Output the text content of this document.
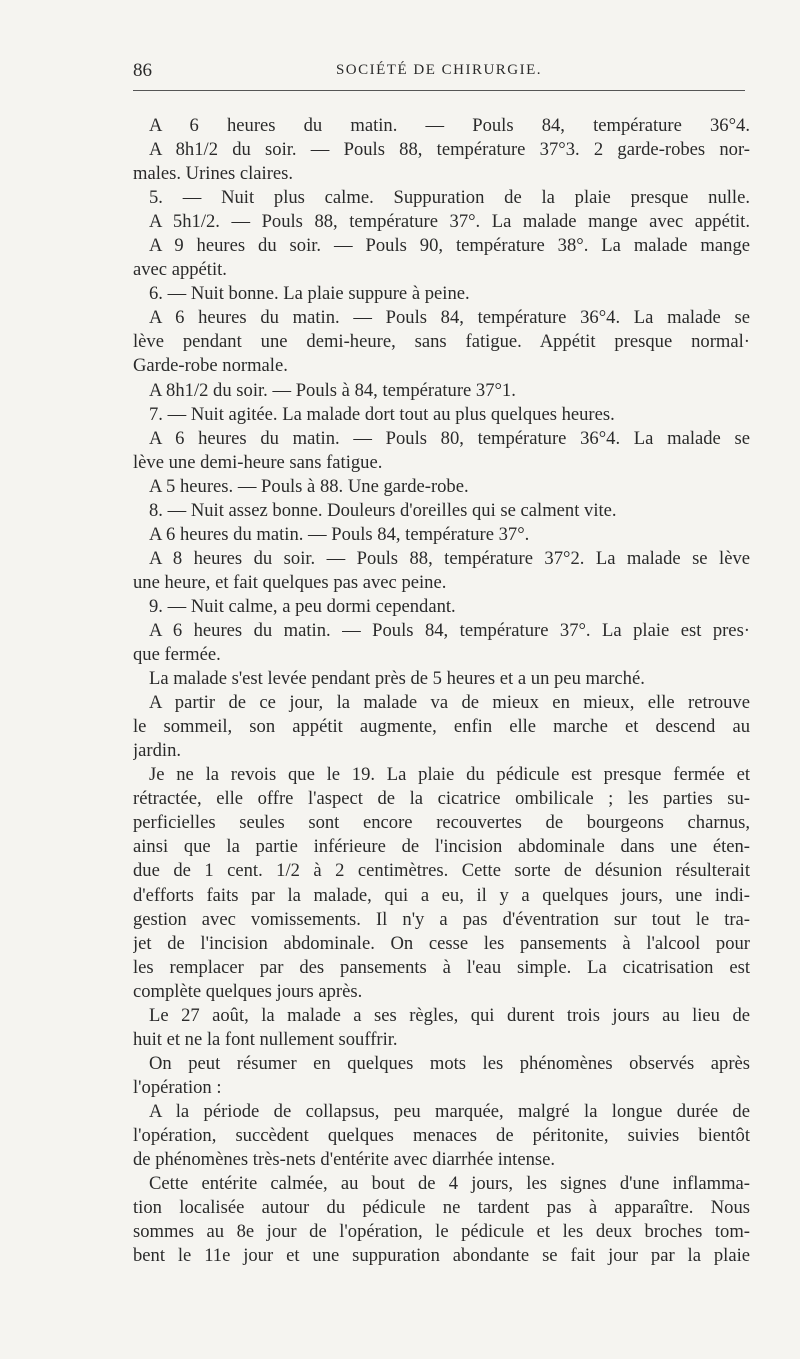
86	SOCIÉTÉ DE CHIRURGIE.
A 6 heures du matin. — Pouls 84, température 36°4.
A 8h1/2 du soir. — Pouls 88, température 37°3. 2 garde-robes nor-
males. Urines claires.
5. — Nuit plus calme. Suppuration de la plaie presque nulle.
A 5h1/2. — Pouls 88, température 37°. La malade mange avec appétit.
A 9 heures du soir. — Pouls 90, température 38°. La malade mange
avec appétit.
6. — Nuit bonne. La plaie suppure à peine.
A 6 heures du matin. — Pouls 84, température 36°4. La malade se
lève pendant une demi-heure, sans fatigue. Appétit presque normal·
Garde-robe normale.
A 8h1/2 du soir. — Pouls à 84, température 37°1.
7. — Nuit agitée. La malade dort tout au plus quelques heures.
A 6 heures du matin. — Pouls 80, température 36°4. La malade se
lève une demi-heure sans fatigue.
A 5 heures. — Pouls à 88. Une garde-robe.
8. — Nuit assez bonne. Douleurs d'oreilles qui se calment vite.
A 6 heures du matin. — Pouls 84, température 37°.
A 8 heures du soir. — Pouls 88, température 37°2. La malade se lève
une heure, et fait quelques pas avec peine.
9. — Nuit calme, a peu dormi cependant.
A 6 heures du matin. — Pouls 84, température 37°. La plaie est pres·
que fermée.
La malade s'est levée pendant près de 5 heures et a un peu marché.
A partir de ce jour, la malade va de mieux en mieux, elle retrouve
le sommeil, son appétit augmente, enfin elle marche et descend au
jardin.
Je ne la revois que le 19. La plaie du pédicule est presque fermée et
rétractée, elle offre l'aspect de la cicatrice ombilicale ; les parties su-
perficielles seules sont encore recouvertes de bourgeons charnus,
ainsi que la partie inférieure de l'incision abdominale dans une éten-
due de 1 cent. 1/2 à 2 centimètres. Cette sorte de désunion résulterait
d'efforts faits par la malade, qui a eu, il y a quelques jours, une indi-
gestion avec vomissements. Il n'y a pas d'éventration sur tout le tra-
jet de l'incision abdominale. On cesse les pansements à l'alcool pour
les remplacer par des pansements à l'eau simple. La cicatrisation est
complète quelques jours après.
Le 27 août, la malade a ses règles, qui durent trois jours au lieu de
huit et ne la font nullement souffrir.
On peut résumer en quelques mots les phénomènes observés après
l'opération :
A la période de collapsus, peu marquée, malgré la longue durée de
l'opération, succèdent quelques menaces de péritonite, suivies bientôt
de phénomènes très-nets d'entérite avec diarrhée intense.
Cette entérite calmée, au bout de 4 jours, les signes d'une inflamma-
tion localisée autour du pédicule ne tardent pas à apparaître. Nous
sommes au 8e jour de l'opération, le pédicule et les deux broches tom-
bent le 11e jour et une suppuration abondante se fait jour par la plaie
